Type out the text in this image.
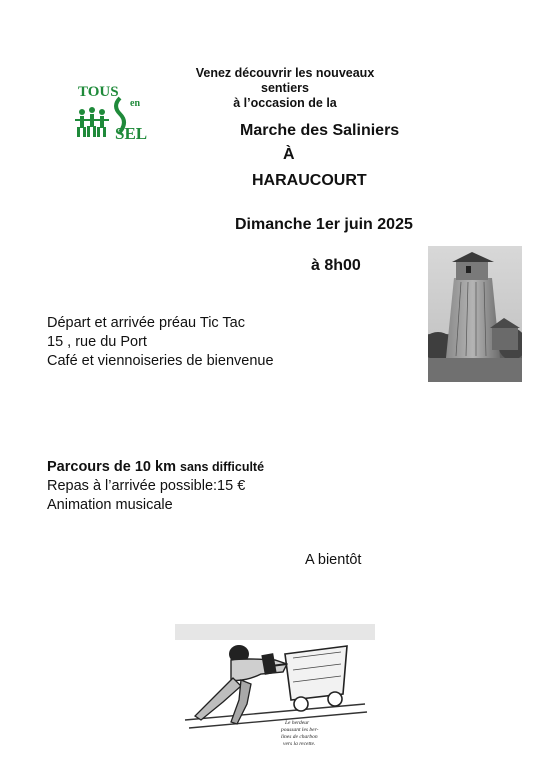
TOUS
en
SEL
Venez découvrir les nouveaux sentiers
à l’occasion de la
Marche des Saliniers
À
HARAUCOURT
Dimanche 1er juin 2025
à 8h00
Départ et arrivée préau Tic Tac
15 , rue du Port
Café et viennoiseries de bienvenue
Parcours de 10 km sans difficulté
Repas à l’arrivée possible:15 €
Animation musicale
A bientôt
Le herdeur
poussant les ber-
lines de charbon
vers la recette.
